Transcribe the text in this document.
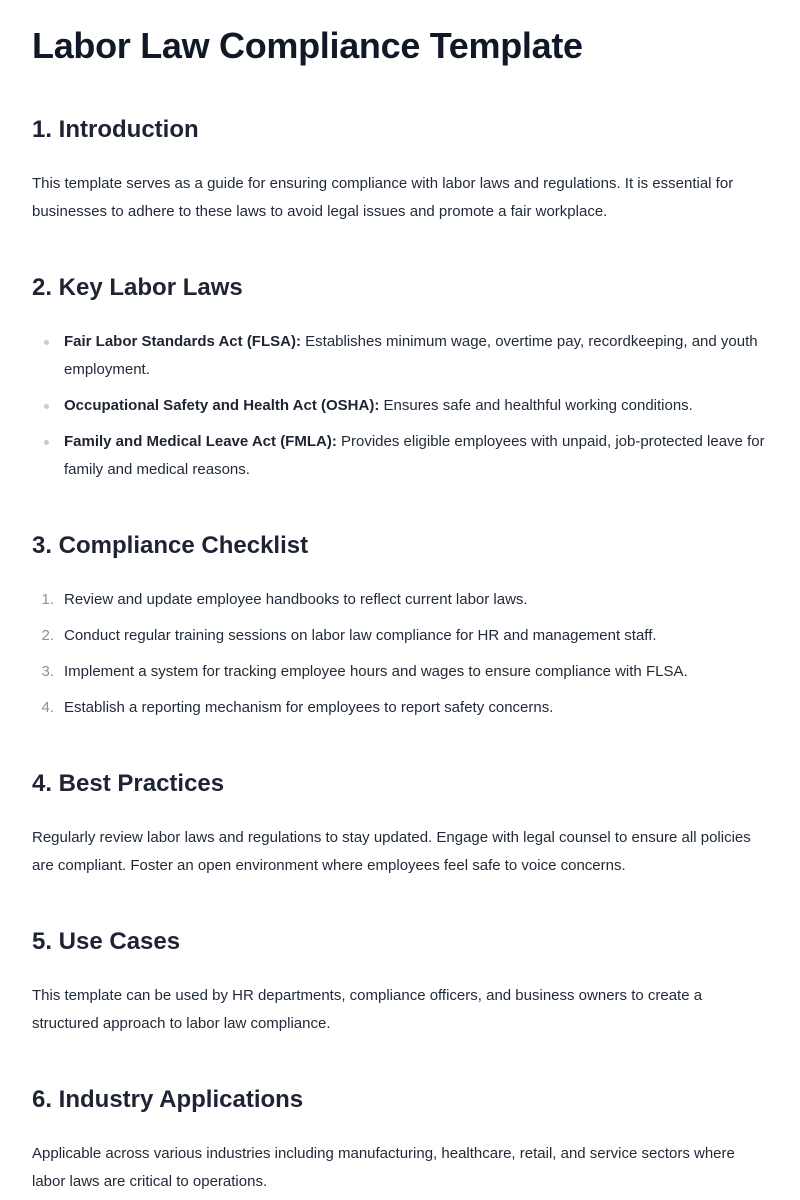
Labor Law Compliance Template
1. Introduction

This template serves as a guide for ensuring compliance with labor laws and regulations. It is essential for businesses to adhere to these laws to avoid legal issues and promote a fair workplace.

2. Key Labor Laws
Fair Labor Standards Act (FLSA): Establishes minimum wage, overtime pay, recordkeeping, and youth employment.
Occupational Safety and Health Act (OSHA): Ensures safe and healthful working conditions.
Family and Medical Leave Act (FMLA): Provides eligible employees with unpaid, job-protected leave for family and medical reasons.
3. Compliance Checklist
1. Review and update employee handbooks to reflect current labor laws.
2. Conduct regular training sessions on labor law compliance for HR and management staff.
3. Implement a system for tracking employee hours and wages to ensure compliance with FLSA.
4. Establish a reporting mechanism for employees to report safety concerns.
4. Best Practices

Regularly review labor laws and regulations to stay updated. Engage with legal counsel to ensure all policies are compliant. Foster an open environment where employees feel safe to voice concerns.

5. Use Cases

This template can be used by HR departments, compliance officers, and business owners to create a structured approach to labor law compliance.

6. Industry Applications

Applicable across various industries including manufacturing, healthcare, retail, and service sectors where labor laws are critical to operations.
